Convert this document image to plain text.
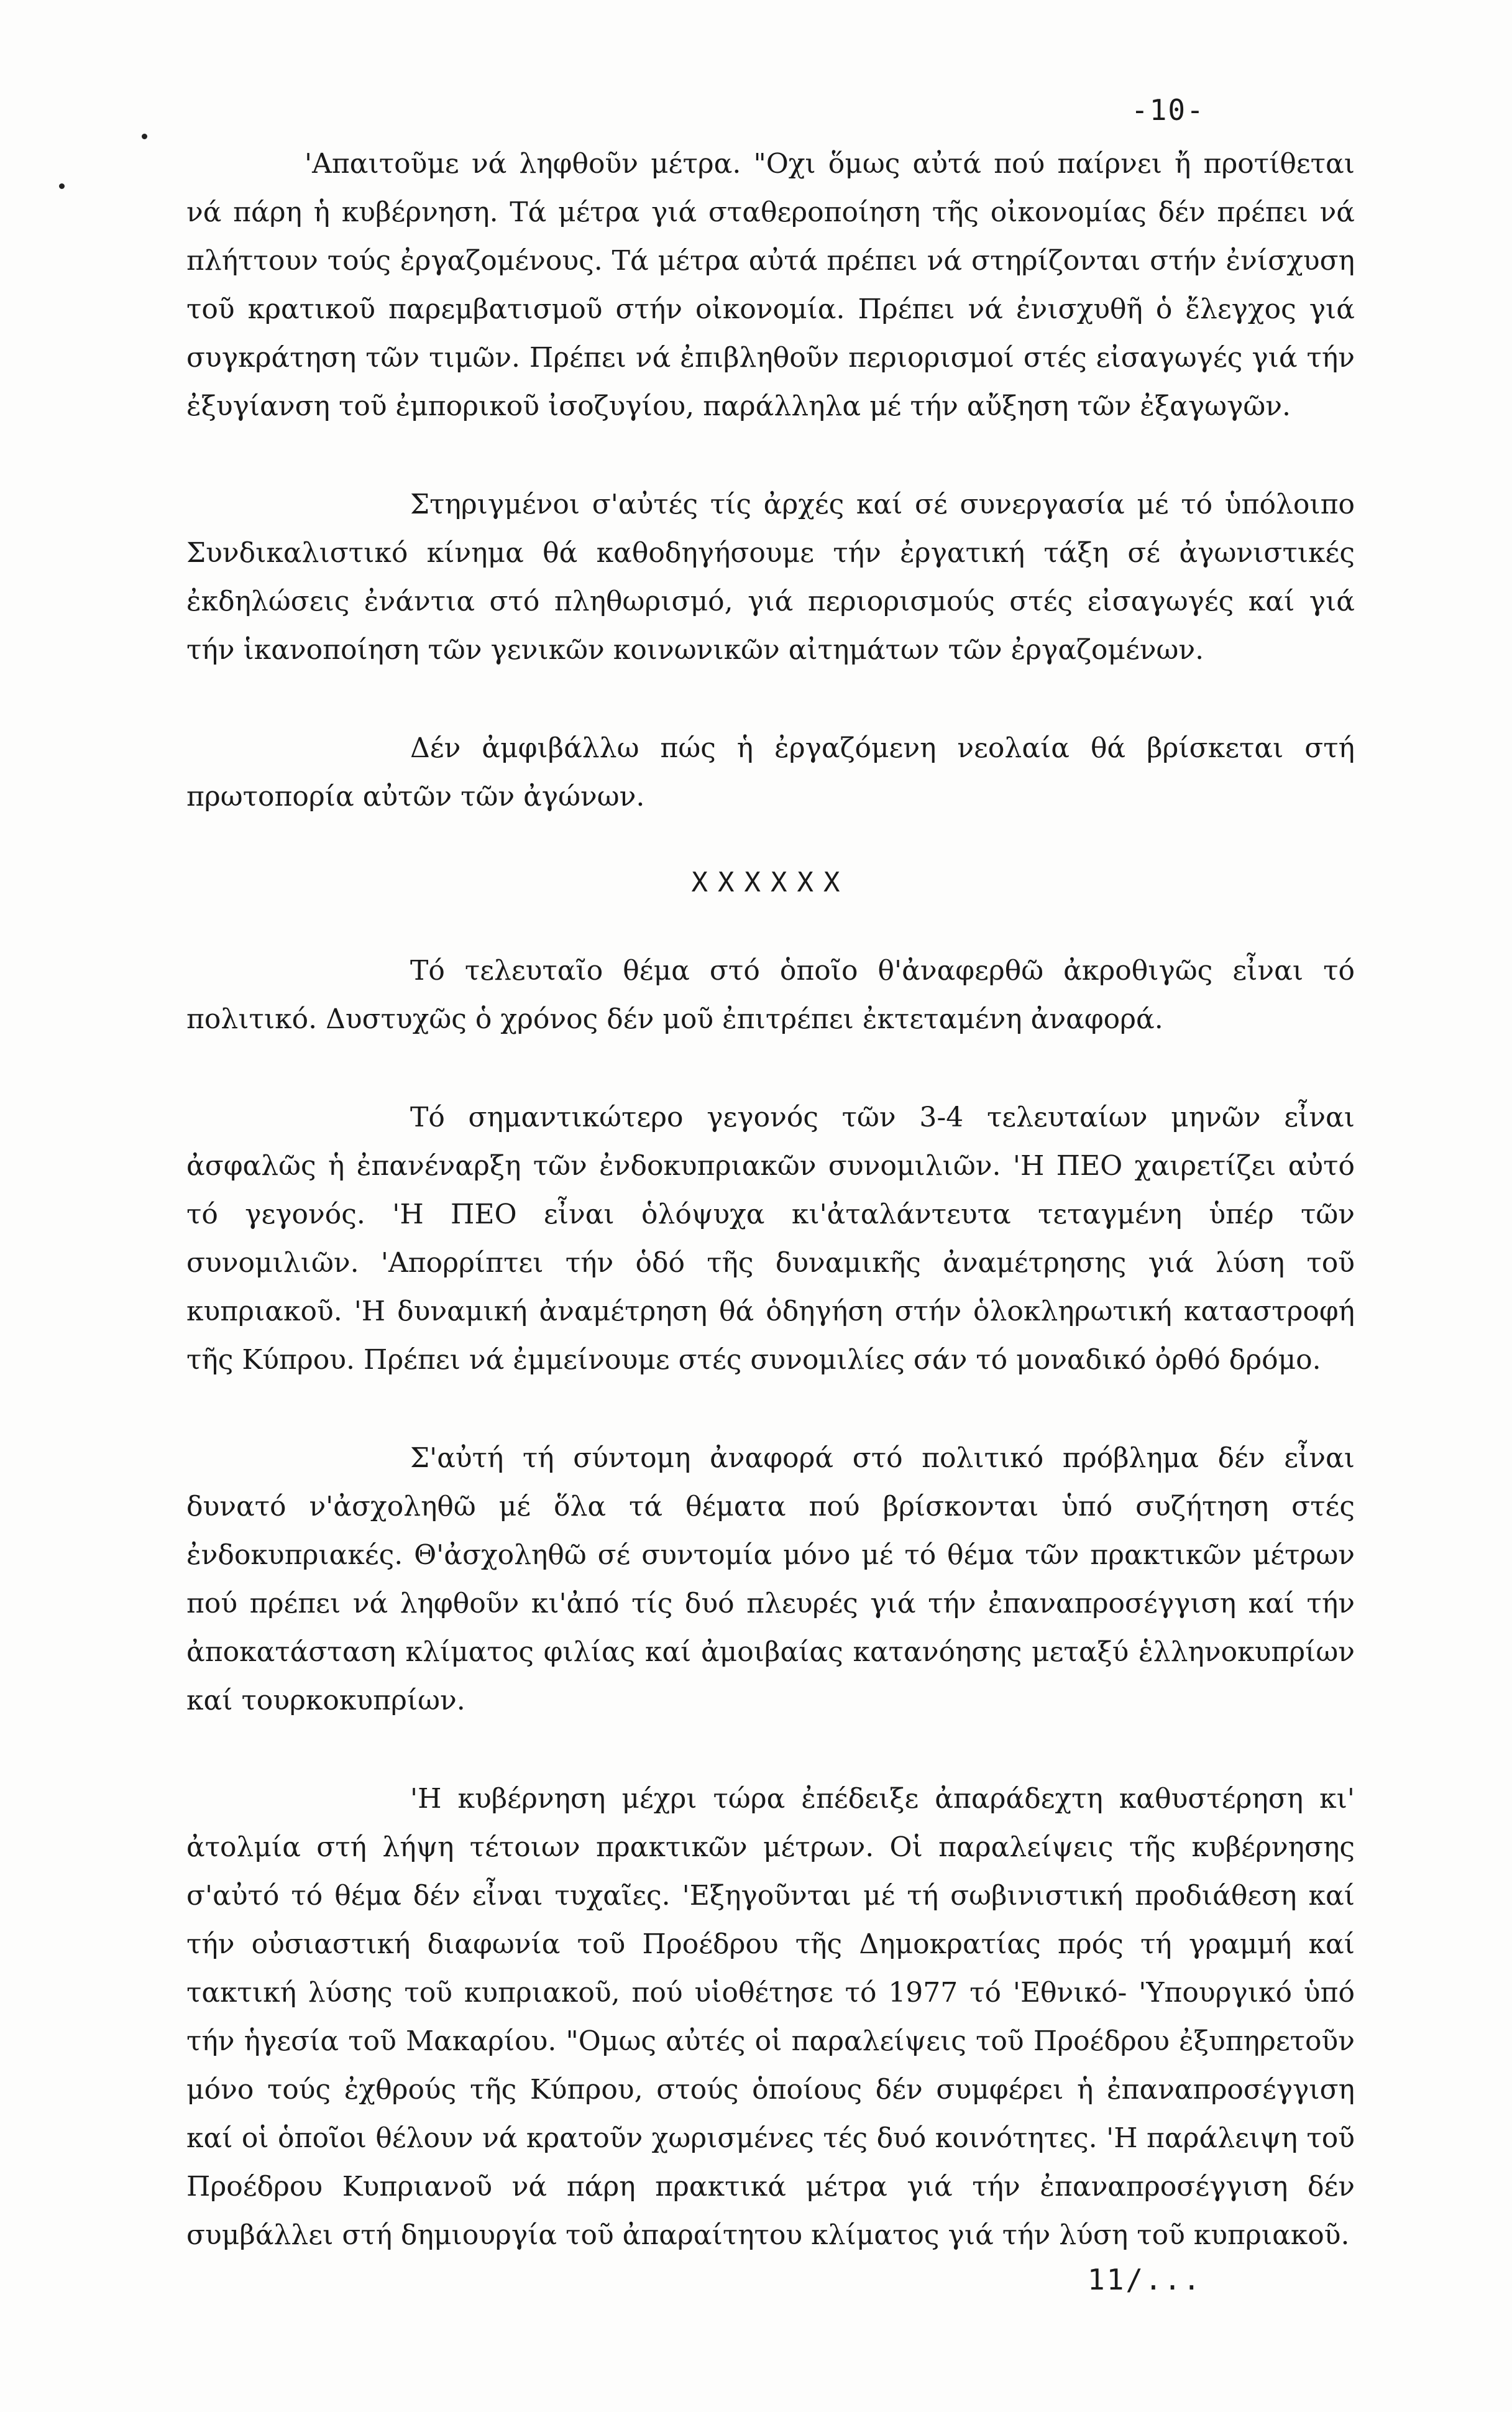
-10-

'Απαιτοῦμε νά ληφθοῦν μέτρα. "Οχι ὅμως αὐτά πού παίρνει ἤ προτίθεται νά πάρη ἡ κυβέρνηση. Τά μέτρα γιά σταθεροποίηση τῆς οἰκονομίας δέν πρέπει νά πλήττουν τούς ἐργαζομένους. Τά μέτρα αὐτά πρέπει νά στηρίζονται στήν ἐνίσχυση τοῦ κρατικοῦ παρεμβατισμοῦ στήν οἰκονομία. Πρέπει νά ἐνισχυθῆ ὁ ἔλεγχος γιά συγκράτηση τῶν τιμῶν. Πρέπει νά ἐπιβληθοῦν περιορισμοί στές εἰσαγωγές γιά τήν ἐξυγίανση τοῦ ἐμπορικοῦ ἰσοζυγίου, παράλληλα μέ τήν αὔξηση τῶν ἐξαγωγῶν.

Στηριγμένοι σ'αὐτές τίς ἀρχές καί σέ συνεργασία μέ τό ὑπόλοιπο Συνδικαλιστικό κίνημα θά καθοδηγήσουμε τήν ἐργατική τάξη σέ ἀγωνιστικές ἐκδηλώσεις ἐνάντια στό πληθωρισμό, γιά περιορισμούς στές εἰσαγωγές καί γιά τήν ἱκανοποίηση τῶν γενικῶν κοινωνικῶν αἰτημάτων τῶν ἐργαζομένων.

Δέν ἀμφιβάλλω πώς ἡ ἐργαζόμενη νεολαία θά βρίσκεται στή πρωτοπορία αὐτῶν τῶν ἀγώνων.

XXXXXX

Τό τελευταῖο θέμα στό ὁποῖο θ'ἀναφερθῶ ἀκροθιγῶς εἶναι τό πολιτικό. Δυστυχῶς ὁ χρόνος δέν μοῦ ἐπιτρέπει ἐκτεταμένη ἀναφορά.

Τό σημαντικώτερο γεγονός τῶν 3-4 τελευταίων μηνῶν εἶναι ἀσφαλῶς ἡ ἐπανέναρξη τῶν ἐνδοκυπριακῶν συνομιλιῶν. 'Η ΠΕΟ χαιρετίζει αὐτό τό γεγονός. 'Η ΠΕΟ εἶναι ὁλόψυχα κι'ἀταλάντευτα τεταγμένη ὑπέρ τῶν συνομιλιῶν. 'Απορρίπτει τήν ὁδό τῆς δυναμικῆς ἀναμέτρησης γιά λύση τοῦ κυπριακοῦ. 'Η δυναμική ἀναμέτρηση θά ὁδηγήση στήν ὁλοκληρωτική καταστροφή τῆς Κύπρου. Πρέπει νά ἐμμείνουμε στές συνομιλίες σάν τό μοναδικό ὀρθό δρόμο.

Σ'αὐτή τή σύντομη ἀναφορά στό πολιτικό πρόβλημα δέν εἶναι δυνατό ν'ἀσχοληθῶ μέ ὅλα τά θέματα πού βρίσκονται ὑπό συζήτηση στές ἐνδοκυπριακές. Θ'ἀσχοληθῶ σέ συντομία μόνο μέ τό θέμα τῶν πρακτικῶν μέτρων πού πρέπει νά ληφθοῦν κι'ἀπό τίς δυό πλευρές γιά τήν ἐπαναπροσέγγιση καί τήν ἀποκατάσταση κλίματος φιλίας καί ἀμοιβαίας κατανόησης μεταξύ ἑλληνοκυπρίων καί τουρκοκυπρίων.

'Η κυβέρνηση μέχρι τώρα ἐπέδειξε ἀπαράδεχτη καθυστέρηση κι' ἀτολμία στή λήψη τέτοιων πρακτικῶν μέτρων. Οἱ παραλείψεις τῆς κυβέρνησης σ'αὐτό τό θέμα δέν εἶναι τυχαῖες. 'Εξηγοῦνται μέ τή σωβινιστική προδιάθεση καί τήν οὐσιαστική διαφωνία τοῦ Προέδρου τῆς Δημοκρατίας πρός τή γραμμή καί τακτική λύσης τοῦ κυπριακοῦ, πού υἱοθέτησε τό 1977 τό 'Εθνικό- 'Υπουργικό ὑπό τήν ἡγεσία τοῦ Μακαρίου. "Ομως αὐτές οἱ παραλείψεις τοῦ Προέδρου ἐξυπηρετοῦν μόνο τούς ἐχθρούς τῆς Κύπρου, στούς ὁποίους δέν συμφέρει ἡ ἐπαναπροσέγγιση καί οἱ ὁποῖοι θέλουν νά κρατοῦν χωρισμένες τές δυό κοινότητες. 'Η παράλειψη τοῦ Προέδρου Κυπριανοῦ νά πάρη πρακτικά μέτρα γιά τήν ἐπαναπροσέγγιση δέν συμβάλλει στή δημιουργία τοῦ ἀπαραίτητου κλίματος γιά τήν λύση τοῦ κυπριακοῦ.

11/...
